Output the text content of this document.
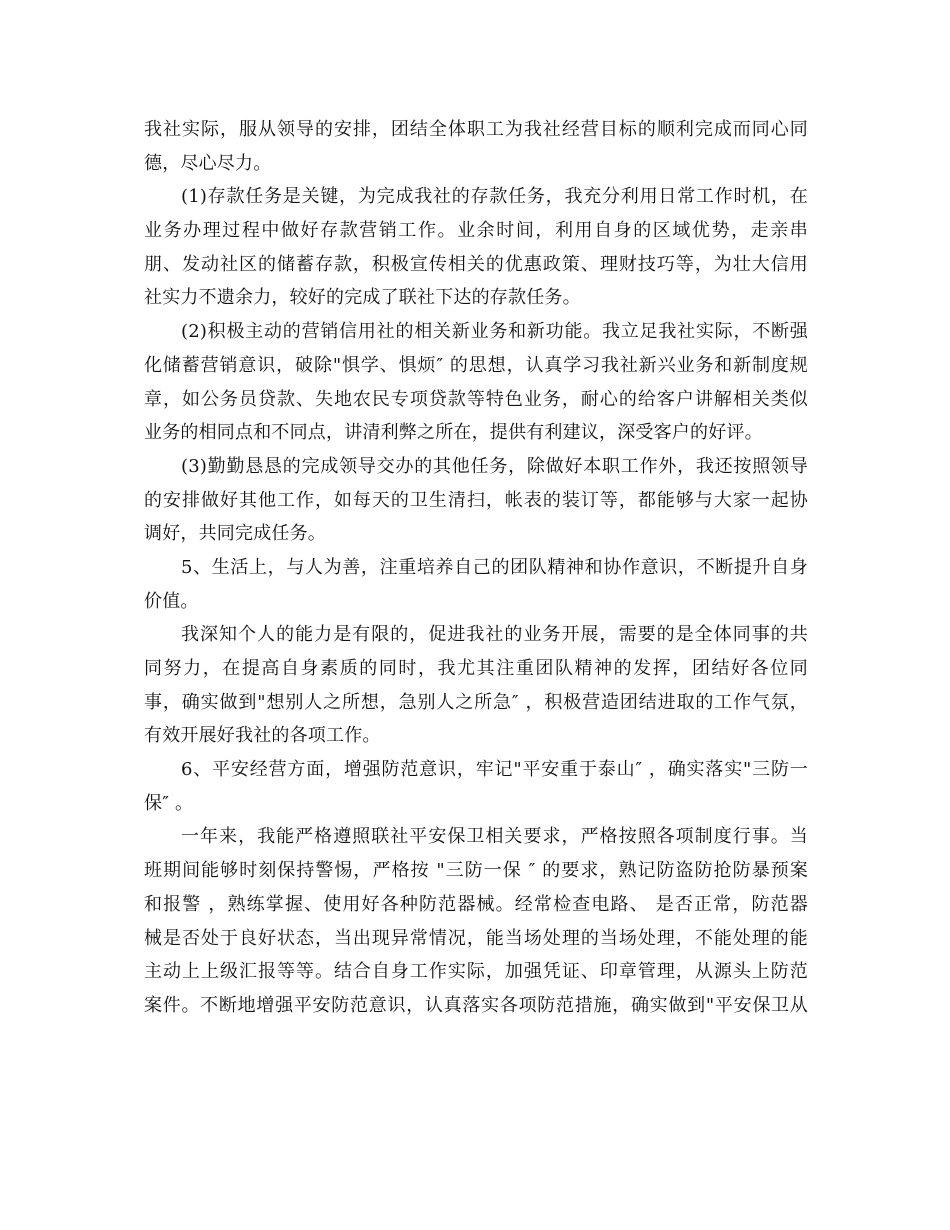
我社实际，服从领导的安排，团结全体职工为我社经营目标的顺利完成而同心同
德，尽心尽力。
(1)存款任务是关键，为完成我社的存款任务，我充分利用日常工作时机，在
业务办理过程中做好存款营销工作。业余时间，利用自身的区域优势，走亲串
朋、发动社区的储蓄存款，积极宣传相关的优惠政策、理财技巧等，为壮大信用
社实力不遗余力，较好的完成了联社下达的存款任务。
(2)积极主动的营销信用社的相关新业务和新功能。我立足我社实际，不断强
化储蓄营销意识，破除"惧学、惧烦″ 的思想，认真学习我社新兴业务和新制度规
章，如公务员贷款、失地农民专项贷款等特色业务，耐心的给客户讲解相关类似
业务的相同点和不同点，讲清利弊之所在，提供有利建议，深受客户的好评。
(3)勤勤恳恳的完成领导交办的其他任务，除做好本职工作外，我还按照领导
的安排做好其他工作，如每天的卫生清扫，帐表的装订等，都能够与大家一起协
调好，共同完成任务。
5、生活上，与人为善，注重培养自己的团队精神和协作意识，不断提升自身
价值。
我深知个人的能力是有限的，促进我社的业务开展，需要的是全体同事的共
同努力，在提高自身素质的同时，我尤其注重团队精神的发挥，团结好各位同
事，确实做到"想别人之所想，急别人之所急″ ，积极营造团结进取的工作气氛，
有效开展好我社的各项工作。
6、平安经营方面，增强防范意识，牢记"平安重于泰山″ ，确实落实"三防一
保″ 。
一年来，我能严格遵照联社平安保卫相关要求，严格按照各项制度行事。当
班期间能够时刻保持警惕，严格按 "三防一保 ″ 的要求，熟记防盗防抢防暴预案
和报警 ，熟练掌握、使用好各种防范器械。经常检查电路、 是否正常，防范器
械是否处于良好状态，当出现异常情况，能当场处理的当场处理，不能处理的能
主动上上级汇报等等。结合自身工作实际，加强凭证、印章管理，从源头上防范
案件。不断地增强平安防范意识，认真落实各项防范措施，确实做到"平安保卫从
